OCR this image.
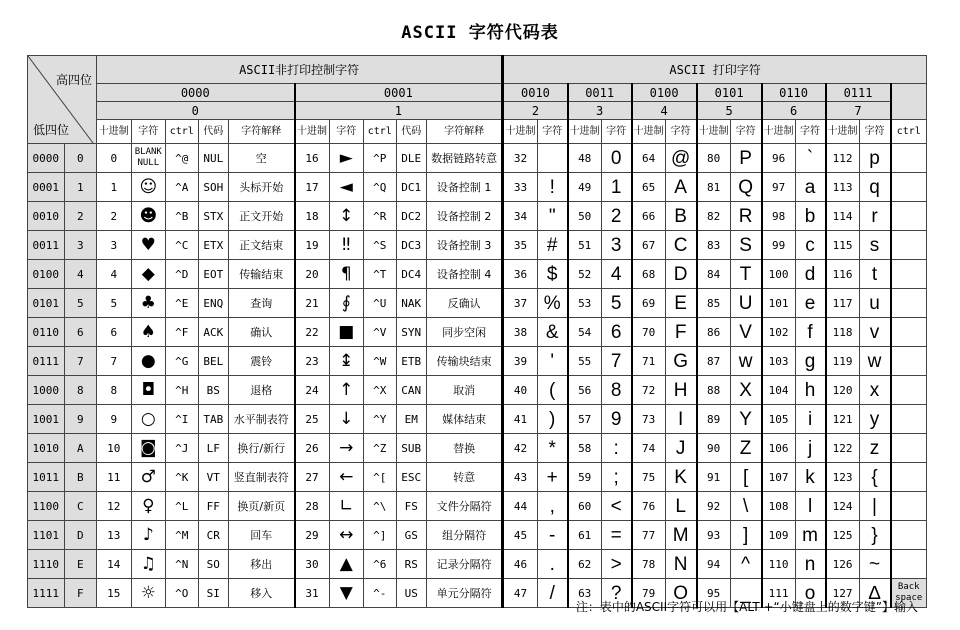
ASCII 字符代码表
高四位
低四位		ASCII非打印控制字符										ASCII 打印字符												
		0000					0001					0010		0011		0100		0101		0110		0111		
		0					1					2		3		4		5		6		7		
		十进制	字符	ctrl	代码	字符解释	十进制	字符	ctrl	代码	字符解释	十进制	字符	十进制	字符	十进制	字符	十进制	字符	十进制	字符	十进制	字符	ctrl
0000	0	0	BLANK NULL	^@	NUL	空	16	►	^P	DLE	数据链路转意	32		48	0	64	@	80	P	96	`	112	p	
0001	1	1	☺	^A	SOH	头标开始	17	◄	^Q	DC1	设备控制 1	33	!	49	1	65	A	81	Q	97	a	113	q	
0010	2	2	☻	^B	STX	正文开始	18	↕	^R	DC2	设备控制 2	34	"	50	2	66	B	82	R	98	b	114	r	
0011	3	3	♥	^C	ETX	正文结束	19	‼	^S	DC3	设备控制 3	35	#	51	3	67	C	83	S	99	c	115	s	
0100	4	4	◆	^D	EOT	传输结束	20	¶	^T	DC4	设备控制 4	36	$	52	4	68	D	84	T	100	d	116	t	
0101	5	5	♣	^E	ENQ	查询	21	∮	^U	NAK	反确认	37	%	53	5	69	E	85	U	101	e	117	u	
0110	6	6	♠	^F	ACK	确认	22	■	^V	SYN	同步空闲	38	&	54	6	70	F	86	V	102	f	118	v	
0111	7	7	●	^G	BEL	震铃	23	↨	^W	ETB	传输块结束	39	'	55	7	71	G	87	w	103	g	119	w	
1000	8	8	◘	^H	BS	退格	24	↑	^X	CAN	取消	40	(	56	8	72	H	88	X	104	h	120	x	
1001	9	9	○	^I	TAB	水平制表符	25	↓	^Y	EM	媒体结束	41	)	57	9	73	I	89	Y	105	i	121	y	
1010	A	10	◙	^J	LF	换行/新行	26	→	^Z	SUB	替换	42	*	58	:	74	J	90	Z	106	j	122	z	
1011	B	11	♂	^K	VT	竖直制表符	27	←	^[	ESC	转意	43	+	59	;	75	K	91	[	107	k	123	{	
1100	C	12	♀	^L	FF	换页/新页	28	∟	^\	FS	文件分隔符	44	,	60	<	76	L	92	\	108	l	124	|	
1101	D	13	♪	^M	CR	回车	29	↔	^]	GS	组分隔符	45	-	61	=	77	M	93	]	109	m	125	}	
1110	E	14	♫	^N	SO	移出	30	▲	^6	RS	记录分隔符	46	.	62	>	78	N	94	^	110	n	126	~	
1111	F	15	☼	^O	SI	移入	31	▼	^-	US	单元分隔符	47	/	63	?	79	O	95	_	111	o	127	∆	Back space
注：表中的ASCII字符可以用【ALT +“小键盘上的数字键”】输入
